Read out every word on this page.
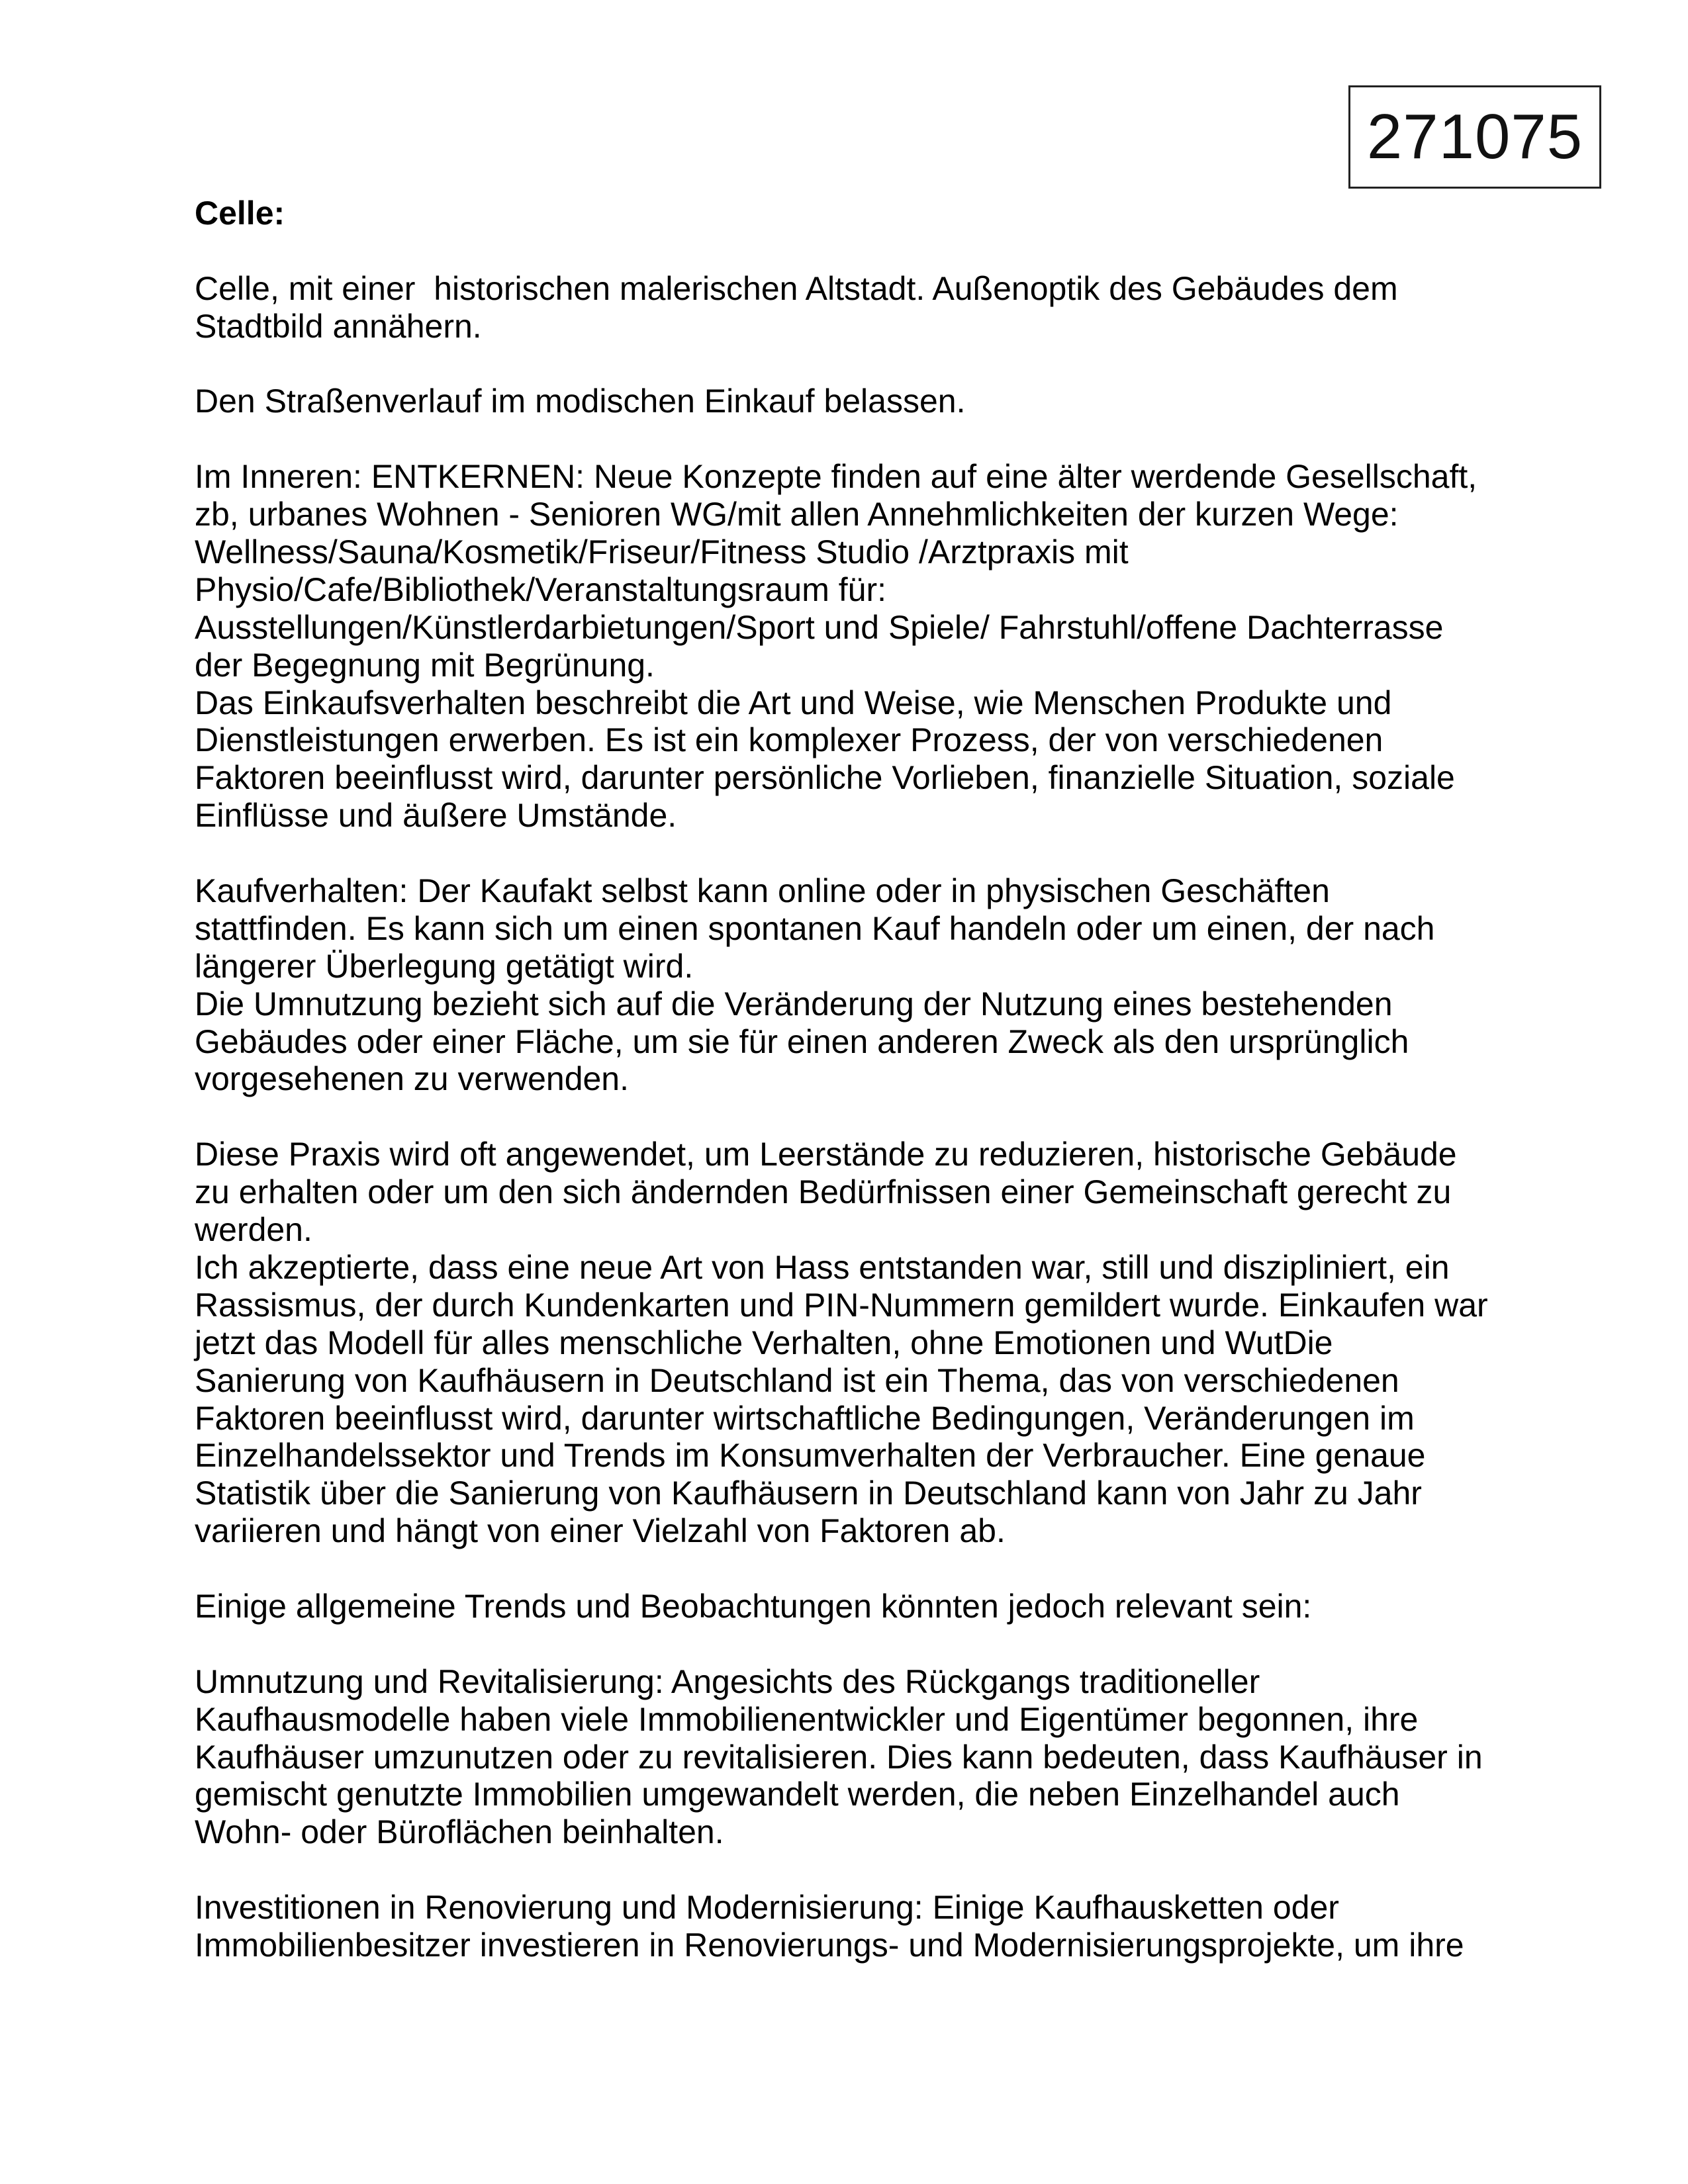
271075
Celle:
Celle, mit einer  historischen malerischen Altstadt. Außenoptik des Gebäudes dem
Stadtbild annähern.
Den Straßenverlauf im modischen Einkauf belassen.
Im Inneren: ENTKERNEN: Neue Konzepte finden auf eine älter werdende Gesellschaft,
zb, urbanes Wohnen - Senioren WG/mit allen Annehmlichkeiten der kurzen Wege:
Wellness/Sauna/Kosmetik/Friseur/Fitness Studio /Arztpraxis mit
Physio/Cafe/Bibliothek/Veranstaltungsraum für:
Ausstellungen/Künstlerdarbietungen/Sport und Spiele/ Fahrstuhl/offene Dachterrasse
der Begegnung mit Begrünung.
Das Einkaufsverhalten beschreibt die Art und Weise, wie Menschen Produkte und
Dienstleistungen erwerben. Es ist ein komplexer Prozess, der von verschiedenen
Faktoren beeinflusst wird, darunter persönliche Vorlieben, finanzielle Situation, soziale
Einflüsse und äußere Umstände.
Kaufverhalten: Der Kaufakt selbst kann online oder in physischen Geschäften
stattfinden. Es kann sich um einen spontanen Kauf handeln oder um einen, der nach
längerer Überlegung getätigt wird.
Die Umnutzung bezieht sich auf die Veränderung der Nutzung eines bestehenden
Gebäudes oder einer Fläche, um sie für einen anderen Zweck als den ursprünglich
vorgesehenen zu verwenden.
Diese Praxis wird oft angewendet, um Leerstände zu reduzieren, historische Gebäude
zu erhalten oder um den sich ändernden Bedürfnissen einer Gemeinschaft gerecht zu
werden.
Ich akzeptierte, dass eine neue Art von Hass entstanden war, still und diszipliniert, ein
Rassismus, der durch Kundenkarten und PIN-Nummern gemildert wurde. Einkaufen war
jetzt das Modell für alles menschliche Verhalten, ohne Emotionen und WutDie
Sanierung von Kaufhäusern in Deutschland ist ein Thema, das von verschiedenen
Faktoren beeinflusst wird, darunter wirtschaftliche Bedingungen, Veränderungen im
Einzelhandelssektor und Trends im Konsumverhalten der Verbraucher. Eine genaue
Statistik über die Sanierung von Kaufhäusern in Deutschland kann von Jahr zu Jahr
variieren und hängt von einer Vielzahl von Faktoren ab.
Einige allgemeine Trends und Beobachtungen könnten jedoch relevant sein:
Umnutzung und Revitalisierung: Angesichts des Rückgangs traditioneller
Kaufhausmodelle haben viele Immobilienentwickler und Eigentümer begonnen, ihre
Kaufhäuser umzunutzen oder zu revitalisieren. Dies kann bedeuten, dass Kaufhäuser in
gemischt genutzte Immobilien umgewandelt werden, die neben Einzelhandel auch
Wohn- oder Büroflächen beinhalten.
Investitionen in Renovierung und Modernisierung: Einige Kaufhausketten oder
Immobilienbesitzer investieren in Renovierungs- und Modernisierungsprojekte, um ihre
